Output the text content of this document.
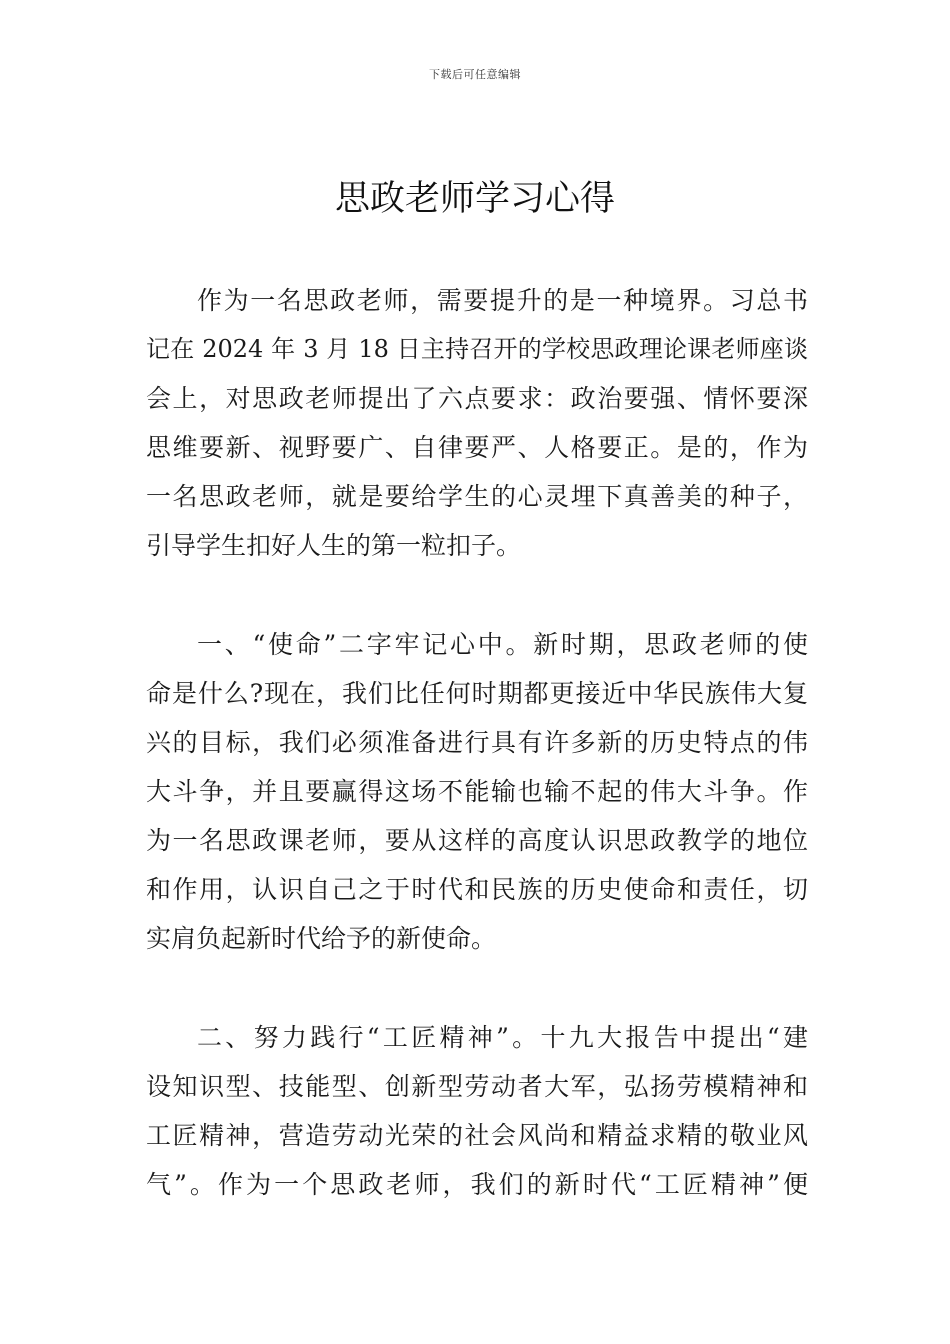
下载后可任意编辑
思政老师学习心得
作为一名思政老师，需要提升的是一种境界。习总书
记在 2024 年 3 月 18 日主持召开的学校思政理论课老师座谈
会上，对思政老师提出了六点要求：政治要强、情怀要深
思维要新、视野要广、自律要严、人格要正。是的，作为
一名思政老师，就是要给学生的心灵埋下真善美的种子，
引导学生扣好人生的第一粒扣子。
一、“使命”二字牢记心中。新时期，思政老师的使
命是什么?现在，我们比任何时期都更接近中华民族伟大复
兴的目标，我们必须准备进行具有许多新的历史特点的伟
大斗争，并且要赢得这场不能输也输不起的伟大斗争。作
为一名思政课老师，要从这样的高度认识思政教学的地位
和作用，认识自己之于时代和民族的历史使命和责任，切
实肩负起新时代给予的新使命。
二、努力践行“工匠精神”。十九大报告中提出“建
设知识型、技能型、创新型劳动者大军，弘扬劳模精神和
工匠精神，营造劳动光荣的社会风尚和精益求精的敬业风
气”。作为一个思政老师，我们的新时代“工匠精神”便
